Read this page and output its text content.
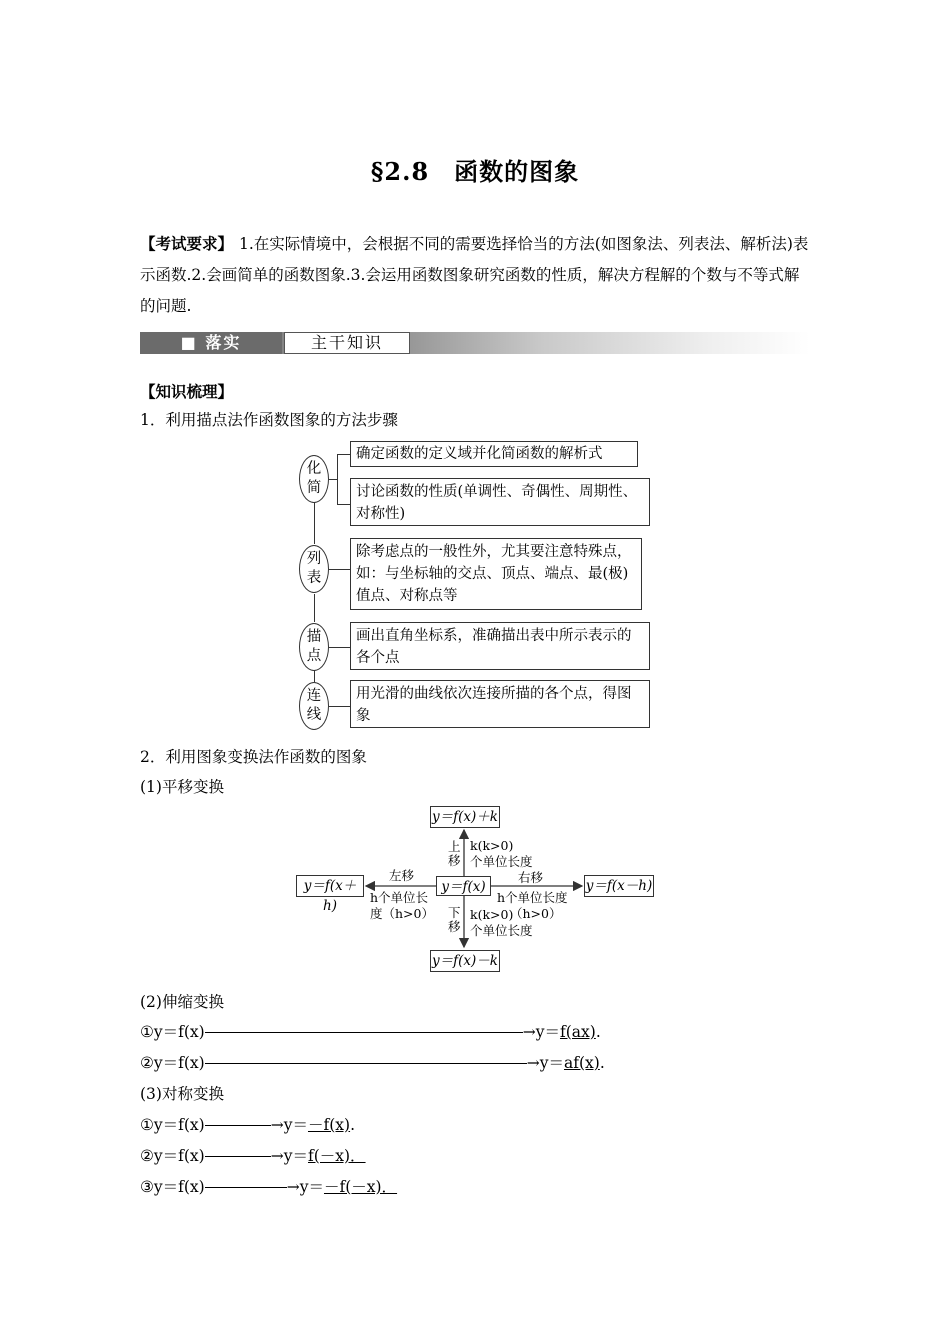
§2.8　函数的图象
【考试要求】 1.在实际情境中，会根据不同的需要选择恰当的方法(如图象法、列表法、解析法)表示函数.2.会画简单的函数图象.3.会运用函数图象研究函数的性质，解决方程解的个数与不等式解的问题.
■ 落实	主干知识
【知识梳理】
1．利用描点法作函数图象的方法步骤
化简
确定函数的定义域并化简函数的解析式
讨论函数的性质(单调性、奇偶性、周期性、对称性)
列表
除考虑点的一般性外，尤其要注意特殊点，如：与坐标轴的交点、顶点、端点、最(极)值点、对称点等
描点
画出直角坐标系，准确描出表中所示表示的各个点
连线
用光滑的曲线依次连接所描的各个点，得图象
2．利用图象变换法作函数的图象
(1)平移变换
y＝f(x)＋k
y＝f(x)
y＝f(x)－k
y＝f(x＋h)
y＝f(x－h)
上移
k(k>0)
个单位长度
下移
k(k>0)
个单位长度
左移
h个单位长
度（h>0）
右移
h个单位长度
（h>0）
(2)伸缩变换
①y＝f(x)	→y＝f(ax).
②y＝f(x)	→y＝af(x).
(3)对称变换
①y＝f(x)	→y＝－f(x).
②y＝f(x)	→y＝f(－x)．
③y＝f(x)	→y＝－f(－x)．
